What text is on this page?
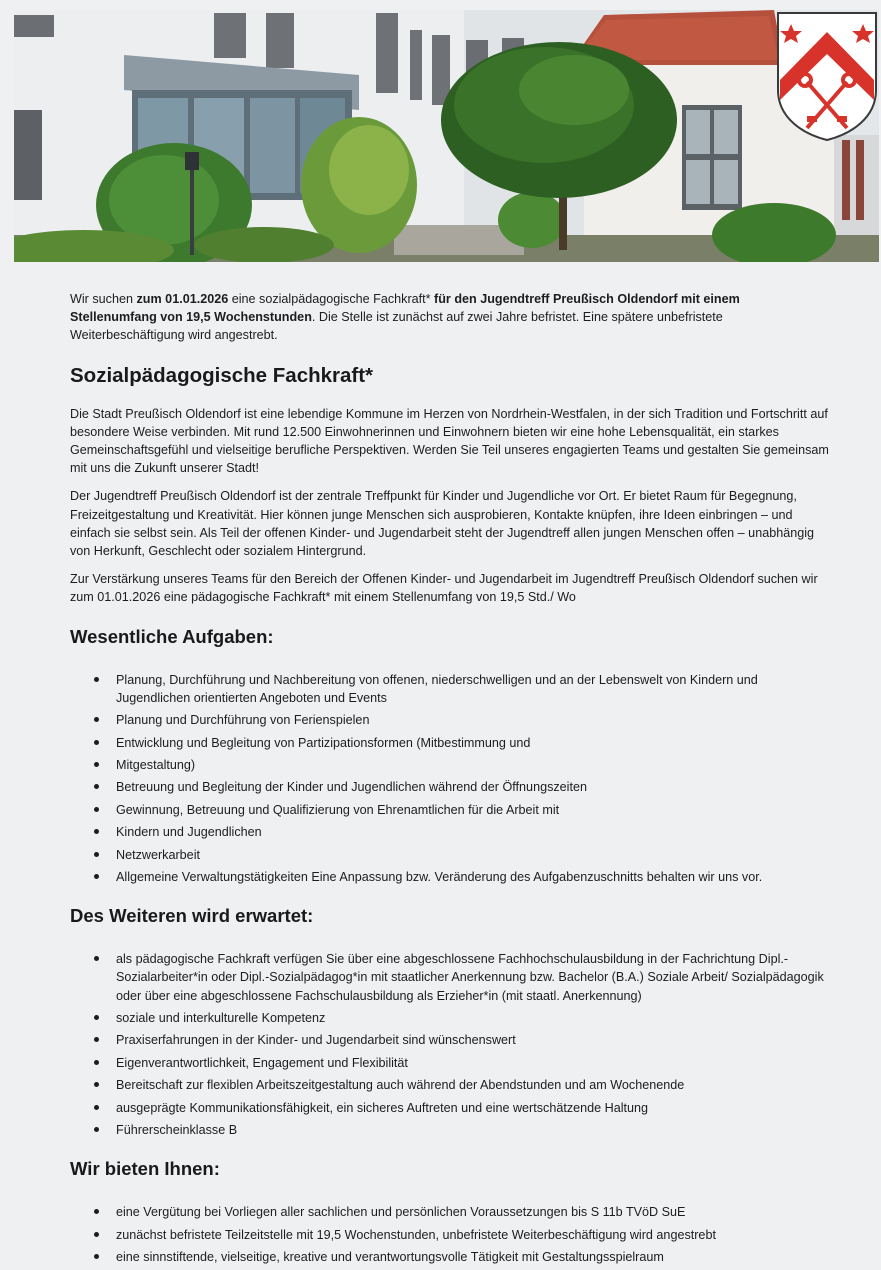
Wir suchen zum 01.01.2026 eine sozialpädagogische Fachkraft* für den Jugendtreff Preußisch Oldendorf mit einem Stellenumfang von 19,5 Wochenstunden. Die Stelle ist zunächst auf zwei Jahre befristet. Eine spätere unbefristete Weiterbeschäftigung wird angestrebt.

Sozialpädagogische Fachkraft*

Die Stadt Preußisch Oldendorf ist eine lebendige Kommune im Herzen von Nordrhein-Westfalen, in der sich Tradition und Fortschritt auf besondere Weise verbinden. Mit rund 12.500 Einwohnerinnen und Einwohnern bieten wir eine hohe Lebensqualität, ein starkes Gemeinschaftsgefühl und vielseitige berufliche Perspektiven. Werden Sie Teil unseres engagierten Teams und gestalten Sie gemeinsam mit uns die Zukunft unserer Stadt!

Der Jugendtreff Preußisch Oldendorf ist der zentrale Treffpunkt für Kinder und Jugendliche vor Ort. Er bietet Raum für Begegnung, Freizeitgestaltung und Kreativität. Hier können junge Menschen sich ausprobieren, Kontakte knüpfen, ihre Ideen einbringen – und einfach sie selbst sein. Als Teil der offenen Kinder- und Jugendarbeit steht der Jugendtreff allen jungen Menschen offen – unabhängig von Herkunft, Geschlecht oder sozialem Hintergrund.

Zur Verstärkung unseres Teams für den Bereich der Offenen Kinder- und Jugendarbeit im Jugendtreff Preußisch Oldendorf suchen wir zum 01.01.2026 eine pädagogische Fachkraft* mit einem Stellenumfang von 19,5 Std./ Wo

Wesentliche Aufgaben:
Planung, Durchführung und Nachbereitung von offenen, niederschwelligen und an der Lebenswelt von Kindern und Jugendlichen orientierten Angeboten und Events
Planung und Durchführung von Ferienspielen
Entwicklung und Begleitung von Partizipationsformen (Mitbestimmung und
Mitgestaltung)
Betreuung und Begleitung der Kinder und Jugendlichen während der Öffnungszeiten
Gewinnung, Betreuung und Qualifizierung von Ehrenamtlichen für die Arbeit mit
Kindern und Jugendlichen
Netzwerkarbeit
Allgemeine Verwaltungstätigkeiten Eine Anpassung bzw. Veränderung des Aufgabenzuschnitts behalten wir uns vor.
Des Weiteren wird erwartet:
als pädagogische Fachkraft verfügen Sie über eine abgeschlossene Fachhochschulausbildung in der Fachrichtung Dipl.-Sozialarbeiter*in oder Dipl.-Sozialpädagog*in mit staatlicher Anerkennung bzw. Bachelor (B.A.) Soziale Arbeit/ Sozialpädagogik oder über eine abgeschlossene Fachschulausbildung als Erzieher*in (mit staatl. Anerkennung)
soziale und interkulturelle Kompetenz
Praxiserfahrungen in der Kinder- und Jugendarbeit sind wünschenswert
Eigenverantwortlichkeit, Engagement und Flexibilität
Bereitschaft zur flexiblen Arbeitszeitgestaltung auch während der Abendstunden und am Wochenende
ausgeprägte Kommunikationsfähigkeit, ein sicheres Auftreten und eine wertschätzende Haltung
Führerscheinklasse B
Wir bieten Ihnen:
eine Vergütung bei Vorliegen aller sachlichen und persönlichen Voraussetzungen bis S 11b TVöD SuE
zunächst befristete Teilzeitstelle mit 19,5 Wochenstunden, unbefristete Weiterbeschäftigung wird angestrebt
eine sinnstiftende, vielseitige, kreative und verantwortungsvolle Tätigkeit mit Gestaltungsspielraum
